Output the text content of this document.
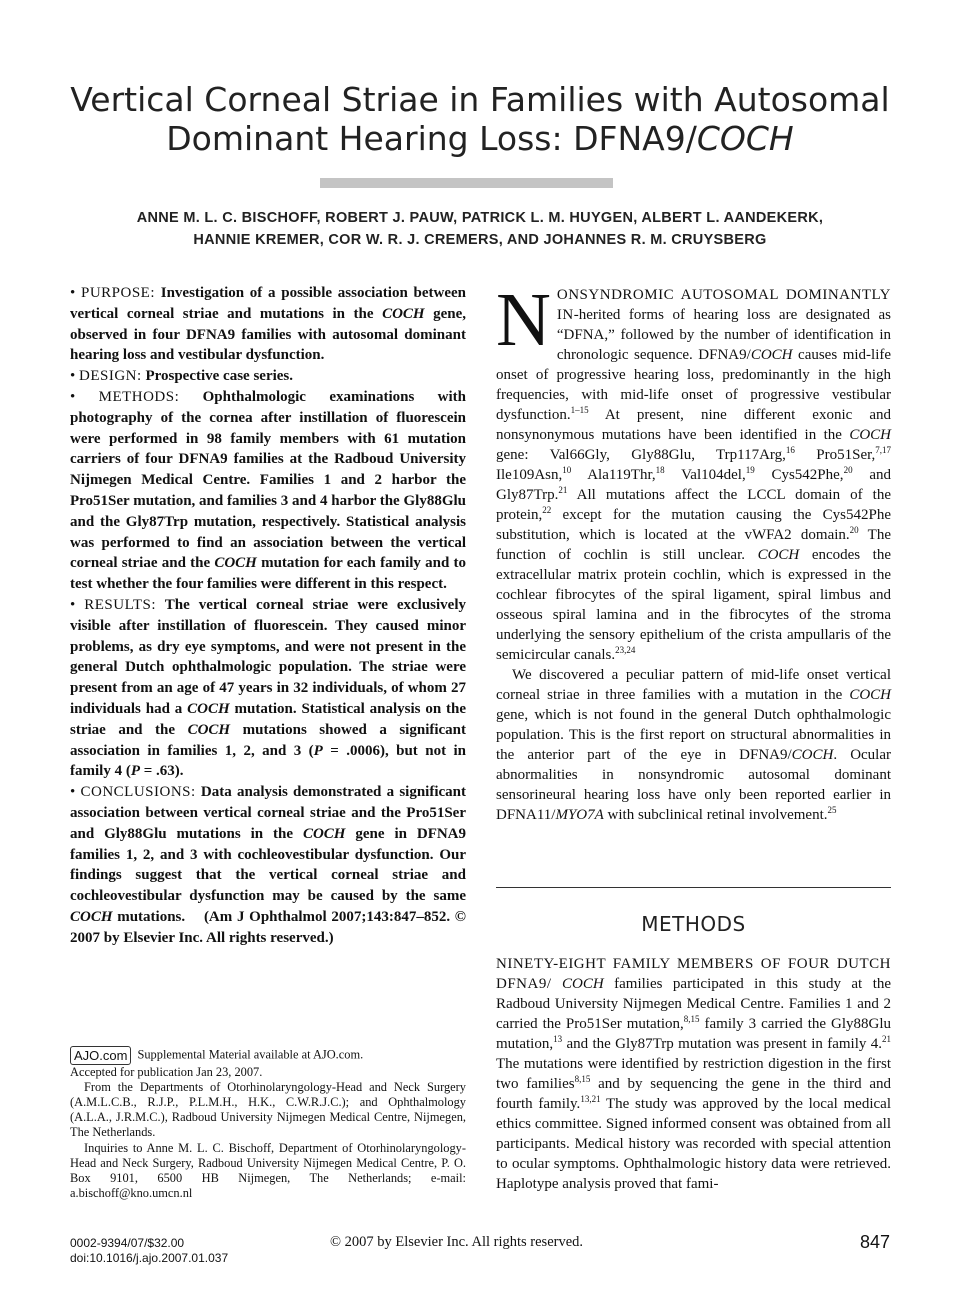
Vertical Corneal Striae in Families with Autosomal
Dominant Hearing Loss: DFNA9/COCH
ANNE M. L. C. BISCHOFF, ROBERT J. PAUW, PATRICK L. M. HUYGEN, ALBERT L. AANDEKERK,
HANNIE KREMER, COR W. R. J. CREMERS, AND JOHANNES R. M. CRUYSBERG

• PURPOSE: Investigation of a possible association between vertical corneal striae and mutations in the COCH gene, observed in four DFNA9 families with autosomal dominant hearing loss and vestibular dysfunction.

• DESIGN: Prospective case series.

• METHODS: Ophthalmologic examinations with photography of the cornea after instillation of fluorescein were performed in 98 family members with 61 mutation carriers of four DFNA9 families at the Radboud University Nijmegen Medical Centre. Families 1 and 2 harbor the Pro51Ser mutation, and families 3 and 4 harbor the Gly88Glu and the Gly87Trp mutation, respectively. Statistical analysis was performed to find an association between the vertical corneal striae and the COCH mutation for each family and to test whether the four families were different in this respect.

• RESULTS: The vertical corneal striae were exclusively visible after instillation of fluorescein. They caused minor problems, as dry eye symptoms, and were not present in the general Dutch ophthalmologic population. The striae were present from an age of 47 years in 32 individuals, of whom 27 individuals had a COCH mutation. Statistical analysis on the striae and the COCH mutations showed a significant association in families 1, 2, and 3 (P = .0006), but not in family 4 (P = .63).

• CONCLUSIONS: Data analysis demonstrated a significant association between vertical corneal striae and the Pro51Ser and Gly88Glu mutations in the COCH gene in DFNA9 families 1, 2, and 3 with cochleovestibular dysfunction. Our findings suggest that the vertical corneal striae and cochleovestibular dysfunction may be caused by the same COCH mutations. (Am J Ophthalmol 2007;143:847–852. © 2007 by Elsevier Inc. All rights reserved.)

AJO.com Supplemental Material available at AJO.com.

Accepted for publication Jan 23, 2007.

From the Departments of Otorhinolaryngology-Head and Neck Surgery (A.M.L.C.B., R.J.P., P.L.M.H., H.K., C.W.R.J.C.); and Ophthalmology (A.L.A., J.R.M.C.), Radboud University Nijmegen Medical Centre, Nijmegen, The Netherlands.

Inquiries to Anne M. L. C. Bischoff, Department of Otorhinolaryngology-Head and Neck Surgery, Radboud University Nijmegen Medical Centre, P. O. Box 9101, 6500 HB Nijmegen, The Netherlands; e-mail: a.bischoff@kno.umcn.nl

NONSYNDROMIC AUTOSOMAL DOMINANTLY IN-herited forms of hearing loss are designated as “DFNA,” followed by the number of identification in chronologic sequence. DFNA9/COCH causes mid-life onset of progressive hearing loss, predominantly in the high frequencies, with mid-life onset of progressive vestibular dysfunction.$^{1-15}$ At present, nine different exonic and nonsynonymous mutations have been identified in the COCH gene: Val66Gly, Gly88Glu, Trp117Arg,$^{16}$ Pro51Ser,$^{7,17}$ Ile109Asn,$^{10}$ Ala119Thr,$^{18}$ Val104del,$^{19}$ Cys542Phe,$^{20}$ and Gly87Trp.$^{21}$ All mutations affect the LCCL domain of the protein,$^{22}$ except for the mutation causing the Cys542Phe substitution, which is located at the vWFA2 domain.$^{20}$ The function of cochlin is still unclear. COCH encodes the extracellular matrix protein cochlin, which is expressed in the cochlear fibrocytes of the spiral ligament, spiral limbus and osseous spiral lamina and in the fibrocytes of the stroma underlying the sensory epithelium of the crista ampullaris of the semicircular canals.$^{23,24}$

We discovered a peculiar pattern of mid-life onset vertical corneal striae in three families with a mutation in the COCH gene, which is not found in the general Dutch ophthalmologic population. This is the first report on structural abnormalities in the anterior part of the eye in DFNA9/COCH. Ocular abnormalities in nonsyndromic autosomal dominant sensorineural hearing loss have only been reported earlier in DFNA11/MYO7A with subclinical retinal involvement.$^{25}$

METHODS

NINETY-EIGHT FAMILY MEMBERS OF FOUR DUTCH DFNA9/ COCH families participated in this study at the Radboud University Nijmegen Medical Centre. Families 1 and 2 carried the Pro51Ser mutation,$^{8,15}$ family 3 carried the Gly88Glu mutation,$^{13}$ and the Gly87Trp mutation was present in family 4.21 The mutations were identified by restriction digestion in the first two families$^{8,15}$ and by sequencing the gene in the third and fourth family.$^{13,21}$ The study was approved by the local medical ethics committee. Signed informed consent was obtained from all participants. Medical history was recorded with special attention to ocular symptoms. Ophthalmologic history data were retrieved. Haplotype analysis proved that fami-

0002-9394/07/$32.00
doi:10.1016/j.ajo.2007.01.037
© 2007 by Elsevier Inc. All rights reserved.	847
